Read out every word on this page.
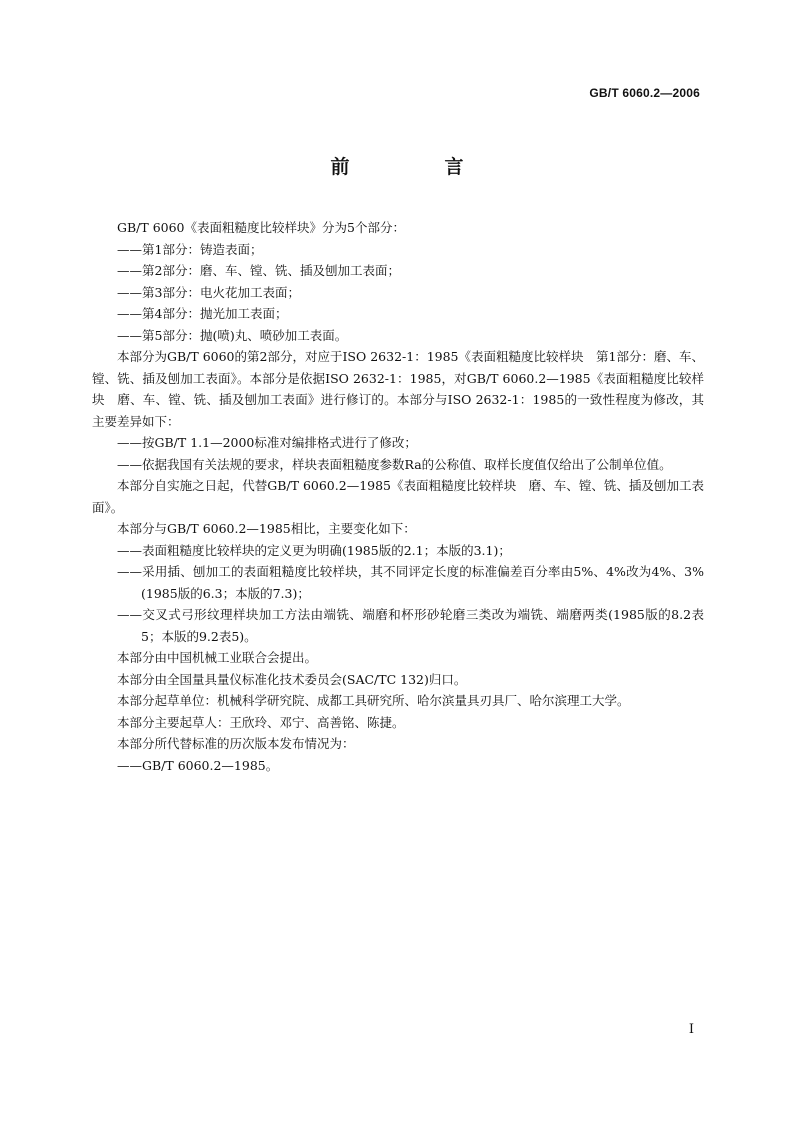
GB/T 6060.2—2006
前　言
GB/T 6060《表面粗糙度比较样块》分为5个部分：
——第1部分：铸造表面；
——第2部分：磨、车、镗、铣、插及刨加工表面；
——第3部分：电火花加工表面；
——第4部分：抛光加工表面；
——第5部分：抛(喷)丸、喷砂加工表面。
本部分为GB/T 6060的第2部分，对应于ISO 2632-1：1985《表面粗糙度比较样块　第1部分：磨、车、镗、铣、插及刨加工表面》。本部分是依据ISO 2632-1：1985，对GB/T 6060.2—1985《表面粗糙度比较样块　磨、车、镗、铣、插及刨加工表面》进行修订的。本部分与ISO 2632-1：1985的一致性程度为修改，其主要差异如下：
——按GB/T 1.1—2000标准对编排格式进行了修改；
——依据我国有关法规的要求，样块表面粗糙度参数Ra的公称值、取样长度值仅给出了公制单位值。
本部分自实施之日起，代替GB/T 6060.2—1985《表面粗糙度比较样块　磨、车、镗、铣、插及刨加工表面》。
本部分与GB/T 6060.2—1985相比，主要变化如下：
——表面粗糙度比较样块的定义更为明确(1985版的2.1；本版的3.1)；
——采用插、刨加工的表面粗糙度比较样块，其不同评定长度的标准偏差百分率由5%、4%改为4%、3%(1985版的6.3；本版的7.3)；
——交叉式弓形纹理样块加工方法由端铣、端磨和杯形砂轮磨三类改为端铣、端磨两类(1985版的8.2表5；本版的9.2表5)。
本部分由中国机械工业联合会提出。
本部分由全国量具量仪标准化技术委员会(SAC/TC 132)归口。
本部分起草单位：机械科学研究院、成都工具研究所、哈尔滨量具刃具厂、哈尔滨理工大学。
本部分主要起草人：王欣玲、邓宁、高善铭、陈捷。
本部分所代替标准的历次版本发布情况为：
——GB/T 6060.2—1985。
I
